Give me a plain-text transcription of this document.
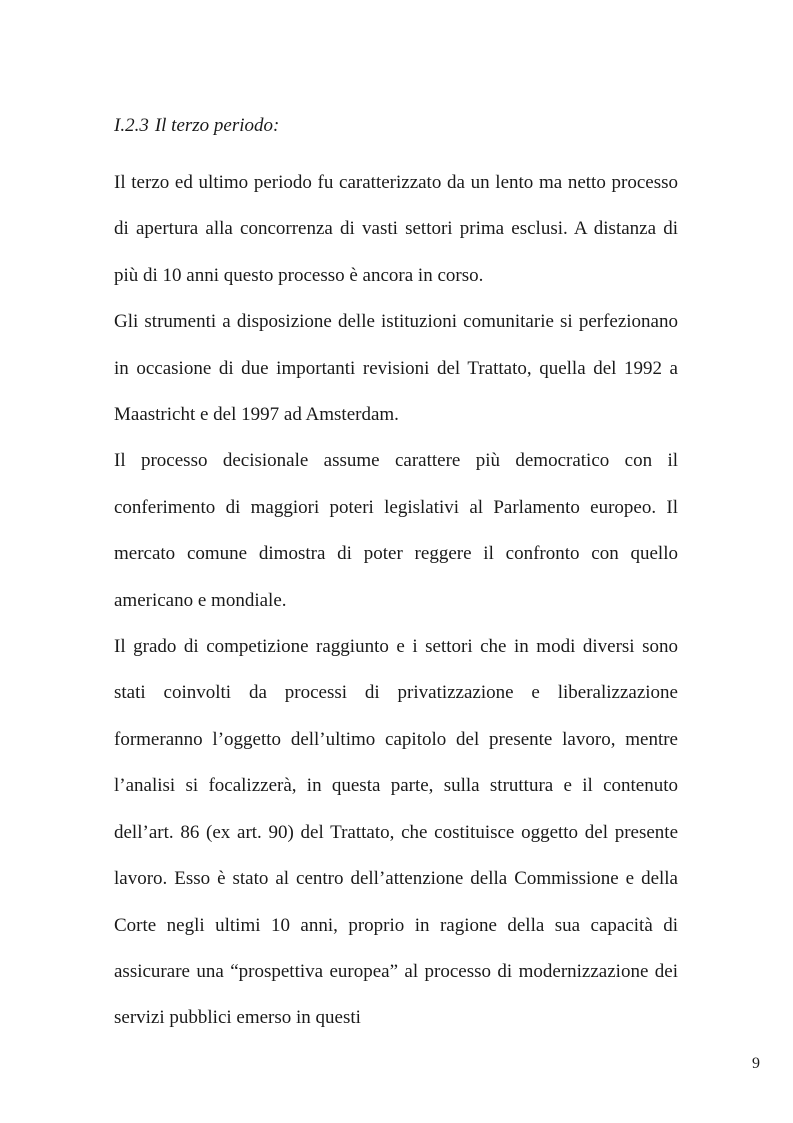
I.2.3 Il terzo periodo:

Il terzo ed ultimo periodo fu caratterizzato da un lento ma netto processo di apertura alla concorrenza di vasti settori prima esclusi. A distanza di più di 10 anni questo processo è ancora in corso.

Gli strumenti a disposizione delle istituzioni comunitarie si perfezionano in occasione di due importanti revisioni del Trattato, quella del 1992 a Maastricht e del 1997 ad Amsterdam.

Il processo decisionale assume carattere più democratico con il conferimento di maggiori poteri legislativi al Parlamento europeo. Il mercato comune dimostra di poter reggere il confronto con quello americano e mondiale.

Il grado di competizione raggiunto e i settori che in modi diversi sono stati coinvolti da processi di privatizzazione e liberalizzazione formeranno l’oggetto dell’ultimo capitolo del presente lavoro, mentre l’analisi si focalizzerà, in questa parte, sulla struttura e il contenuto dell’art. 86 (ex art. 90) del Trattato, che costituisce oggetto del presente lavoro. Esso è stato al centro dell’attenzione della Commissione e della Corte negli ultimi 10 anni, proprio in ragione della sua capacità di assicurare una “prospettiva europea” al processo di modernizzazione dei servizi pubblici emerso in questi

9
